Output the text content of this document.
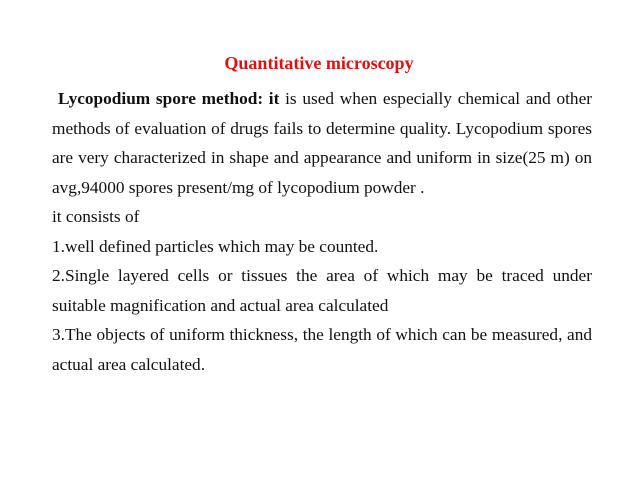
Quantitative microscopy

Lycopodium spore method: it is used when especially chemical and other methods of evaluation of drugs fails to determine quality. Lycopodium spores are very characterized in shape and appearance and uniform in size(25 m) on avg,94000 spores present/mg of lycopodium powder .

it consists of

1.well defined particles which may be counted.

2.Single layered cells or tissues the area of which may be traced under suitable magnification and actual area calculated

3.The objects of uniform thickness, the length of which can be measured, and actual area calculated.
